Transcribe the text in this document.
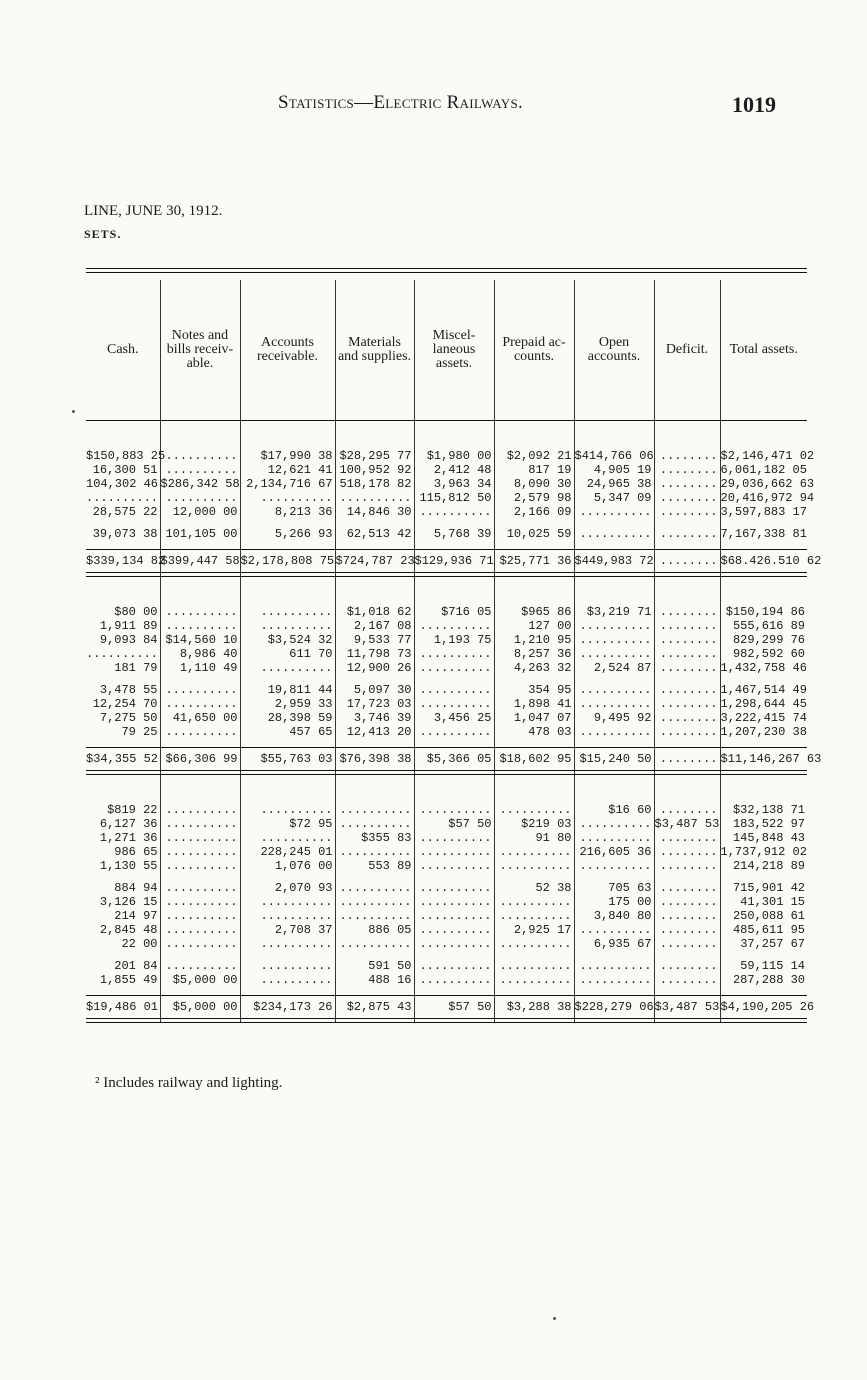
Statistics—Electric Railways.	1019
LINE, JUNE 30, 1912.
SETS.
Cash.	Notes and bills receiv- able.	Accounts receivable.	Materials and supplies.	Miscel- laneous assets.	Prepaid ac- counts.	Open accounts.	Deficit.	Total assets.

$150,883 25	..........	$17,990 38	$28,295 77	$1,980 00	$2,092 21	$414,766 06	........	$2,146,471 02
16,300 51	..........	12,621 41	100,952 92	2,412 48	817 19	4,905 19	........	6,061,182 05
104,302 46	$286,342 58	2,134,716 67	518,178 82	3,963 34	8,090 30	24,965 38	........	29,036,662 63
..........	..........	..........	..........	115,812 50	2,579 98	5,347 09	........	20,416,972 94
28,575 22	12,000 00	8,213 36	14,846 30	..........	2,166 09	..........	........	3,597,883 17

39,073 38	101,105 00	5,266 93	62,513 42	5,768 39	10,025 59	..........	........	7,167,338 81

$339,134 82	$399,447 58	$2,178,808 75	$724,787 23	$129,936 71	$25,771 36	$449,983 72	........	$68.426.510 62

$80 00	..........	..........	$1,018 62	$716 05	$965 86	$3,219 71	........	$150,194 86
1,911 89	..........	..........	2,167 08	..........	127 00	..........	........	555,616 89
9,093 84	$14,560 10	$3,524 32	9,533 77	1,193 75	1,210 95	..........	........	829,299 76
..........	8,986 40	611 70	11,798 73	..........	8,257 36	..........	........	982,592 60
181 79	1,110 49	..........	12,900 26	..........	4,263 32	2,524 87	........	1,432,758 46

3,478 55	..........	19,811 44	5,097 30	..........	354 95	..........	........	1,467,514 49
12,254 70	..........	2,959 33	17,723 03	..........	1,898 41	..........	........	1,298,644 45
7,275 50	41,650 00	28,398 59	3,746 39	3,456 25	1,047 07	9,495 92	........	3,222,415 74
79 25	..........	457 65	12,413 20	..........	478 03	..........	........	1,207,230 38

$34,355 52	$66,306 99	$55,763 03	$76,398 38	$5,366 05	$18,602 95	$15,240 50	........	$11,146,267 63

$819 22	..........	..........	..........	..........	..........	$16 60	........	$32,138 71
6,127 36	..........	$72 95	..........	$57 50	$219 03	..........	$3,487 53	183,522 97
1,271 36	..........	..........	$355 83	..........	91 80	..........	........	145,848 43
986 65	..........	228,245 01	..........	..........	..........	216,605 36	........	1,737,912 02
1,130 55	..........	1,076 00	553 89	..........	..........	..........	........	214,218 89

884 94	..........	2,070 93	..........	..........	52 38	705 63	........	715,901 42
3,126 15	..........	..........	..........	..........	..........	175 00	........	41,301 15
214 97	..........	..........	..........	..........	..........	3,840 80	........	250,088 61
2,845 48	..........	2,708 37	886 05	..........	2,925 17	..........	........	485,611 95
22 00	..........	..........	..........	..........	..........	6,935 67	........	37,257 67

201 84	..........	..........	591 50	..........	..........	..........	........	59,115 14
1,855 49	$5,000 00	..........	488 16	..........	..........	..........	........	287,288 30

$19,486 01	$5,000 00	$234,173 26	$2,875 43	$57 50	$3,288 38	$228,279 06	$3,487 53	$4,190,205 26

² Includes railway and lighting.
